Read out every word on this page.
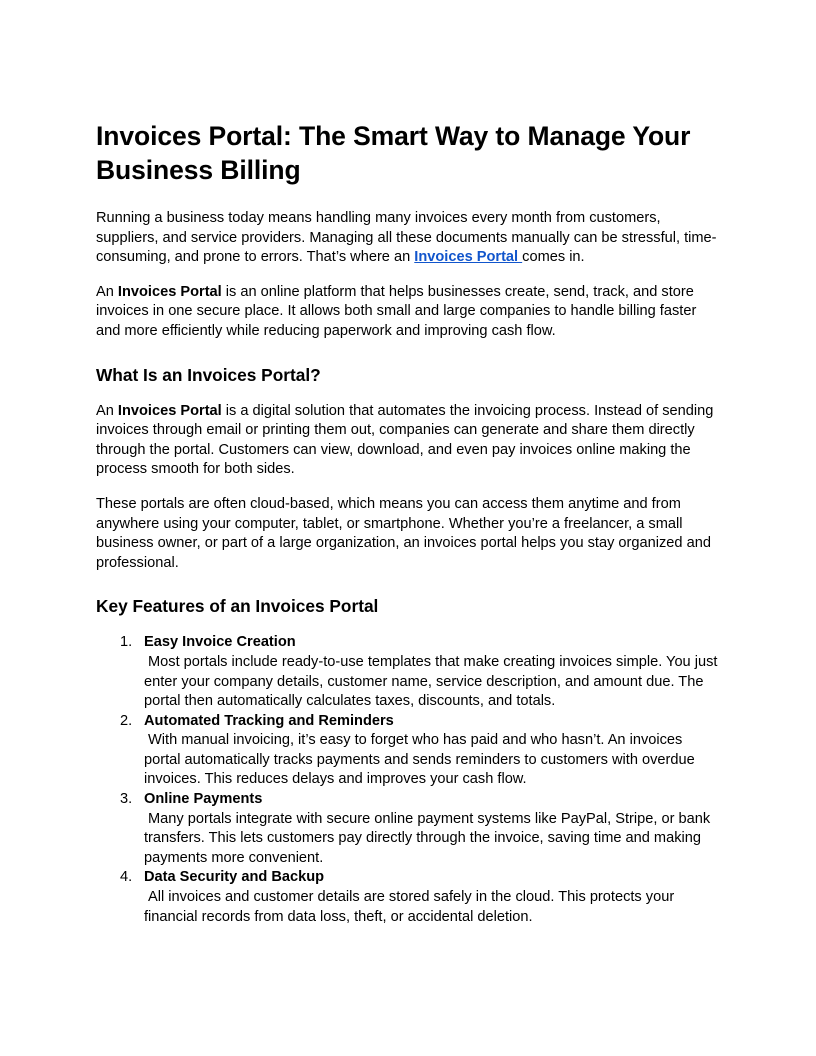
Invoices Portal: The Smart Way to Manage Your Business Billing

Running a business today means handling many invoices every month from customers, suppliers, and service providers. Managing all these documents manually can be stressful, time-consuming, and prone to errors. That’s where an Invoices Portal comes in.

An Invoices Portal is an online platform that helps businesses create, send, track, and store invoices in one secure place. It allows both small and large companies to handle billing faster and more efficiently while reducing paperwork and improving cash flow.

What Is an Invoices Portal?

An Invoices Portal is a digital solution that automates the invoicing process. Instead of sending invoices through email or printing them out, companies can generate and share them directly through the portal. Customers can view, download, and even pay invoices online making the process smooth for both sides.

These portals are often cloud-based, which means you can access them anytime and from anywhere using your computer, tablet, or smartphone. Whether you’re a freelancer, a small business owner, or part of a large organization, an invoices portal helps you stay organized and professional.

Key Features of an Invoices Portal
1. Easy Invoice Creation
Most portals include ready-to-use templates that make creating invoices simple. You just enter your company details, customer name, service description, and amount due. The portal then automatically calculates taxes, discounts, and totals.
2. Automated Tracking and Reminders
With manual invoicing, it’s easy to forget who has paid and who hasn’t. An invoices portal automatically tracks payments and sends reminders to customers with overdue invoices. This reduces delays and improves your cash flow.
3. Online Payments
Many portals integrate with secure online payment systems like PayPal, Stripe, or bank transfers. This lets customers pay directly through the invoice, saving time and making payments more convenient.
4. Data Security and Backup
All invoices and customer details are stored safely in the cloud. This protects your financial records from data loss, theft, or accidental deletion.
